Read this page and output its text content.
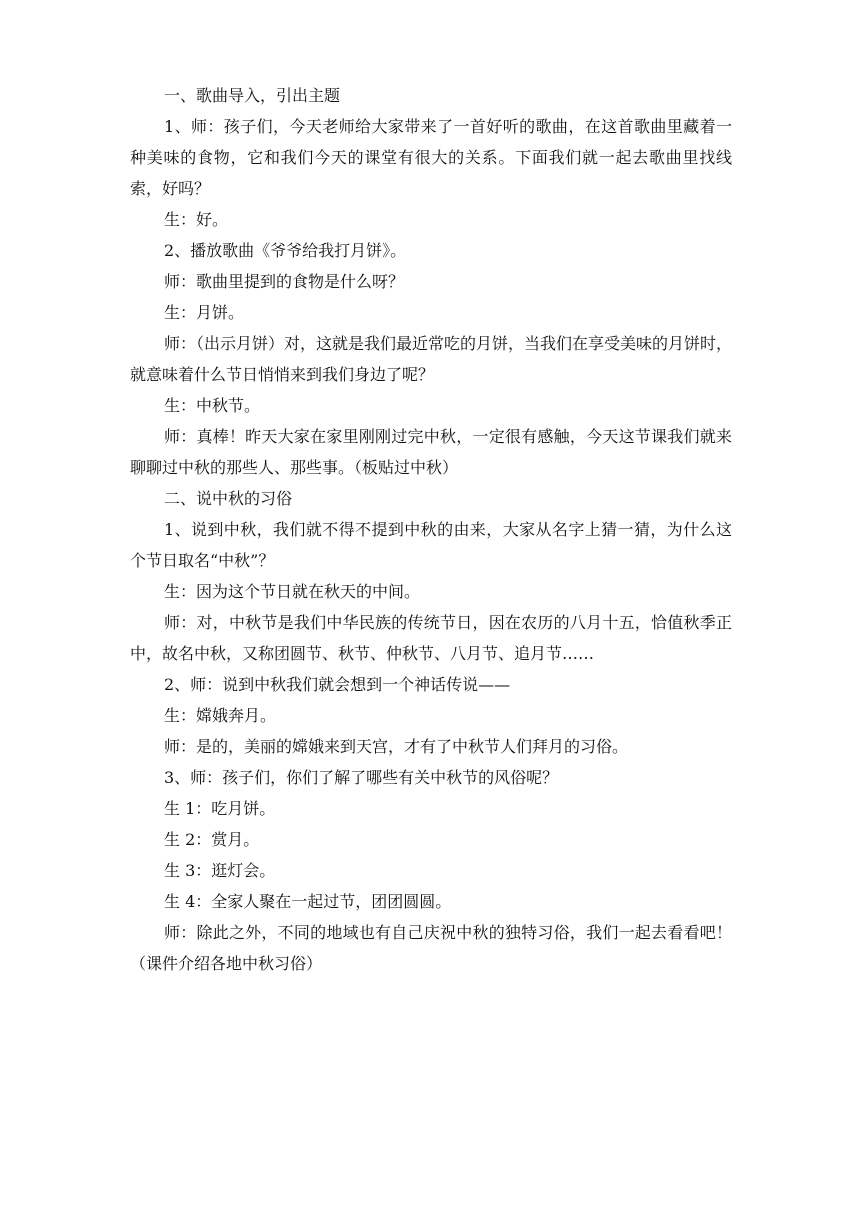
一、歌曲导入，引出主题

1、师：孩子们，今天老师给大家带来了一首好听的歌曲，在这首歌曲里藏着一种美味的食物，它和我们今天的课堂有很大的关系。下面我们就一起去歌曲里找线索，好吗？

生：好。

2、播放歌曲《爷爷给我打月饼》。

师：歌曲里提到的食物是什么呀？

生：月饼。

师：（出示月饼）对，这就是我们最近常吃的月饼，当我们在享受美味的月饼时，就意味着什么节日悄悄来到我们身边了呢？

生：中秋节。

师：真棒！昨天大家在家里刚刚过完中秋，一定很有感触，今天这节课我们就来聊聊过中秋的那些人、那些事。（板贴过中秋）

二、说中秋的习俗

1、说到中秋，我们就不得不提到中秋的由来，大家从名字上猜一猜，为什么这个节日取名“中秋”？

生：因为这个节日就在秋天的中间。

师：对，中秋节是我们中华民族的传统节日，因在农历的八月十五，恰值秋季正中，故名中秋，又称团圆节、秋节、仲秋节、八月节、追月节……

2、师：说到中秋我们就会想到一个神话传说——

生：嫦娥奔月。

师：是的，美丽的嫦娥来到天宫，才有了中秋节人们拜月的习俗。

3、师：孩子们，你们了解了哪些有关中秋节的风俗呢？

生 1：吃月饼。

生 2：赏月。

生 3：逛灯会。

生 4：全家人聚在一起过节，团团圆圆。

师：除此之外，不同的地域也有自己庆祝中秋的独特习俗，我们一起去看看吧！（课件介绍各地中秋习俗）
